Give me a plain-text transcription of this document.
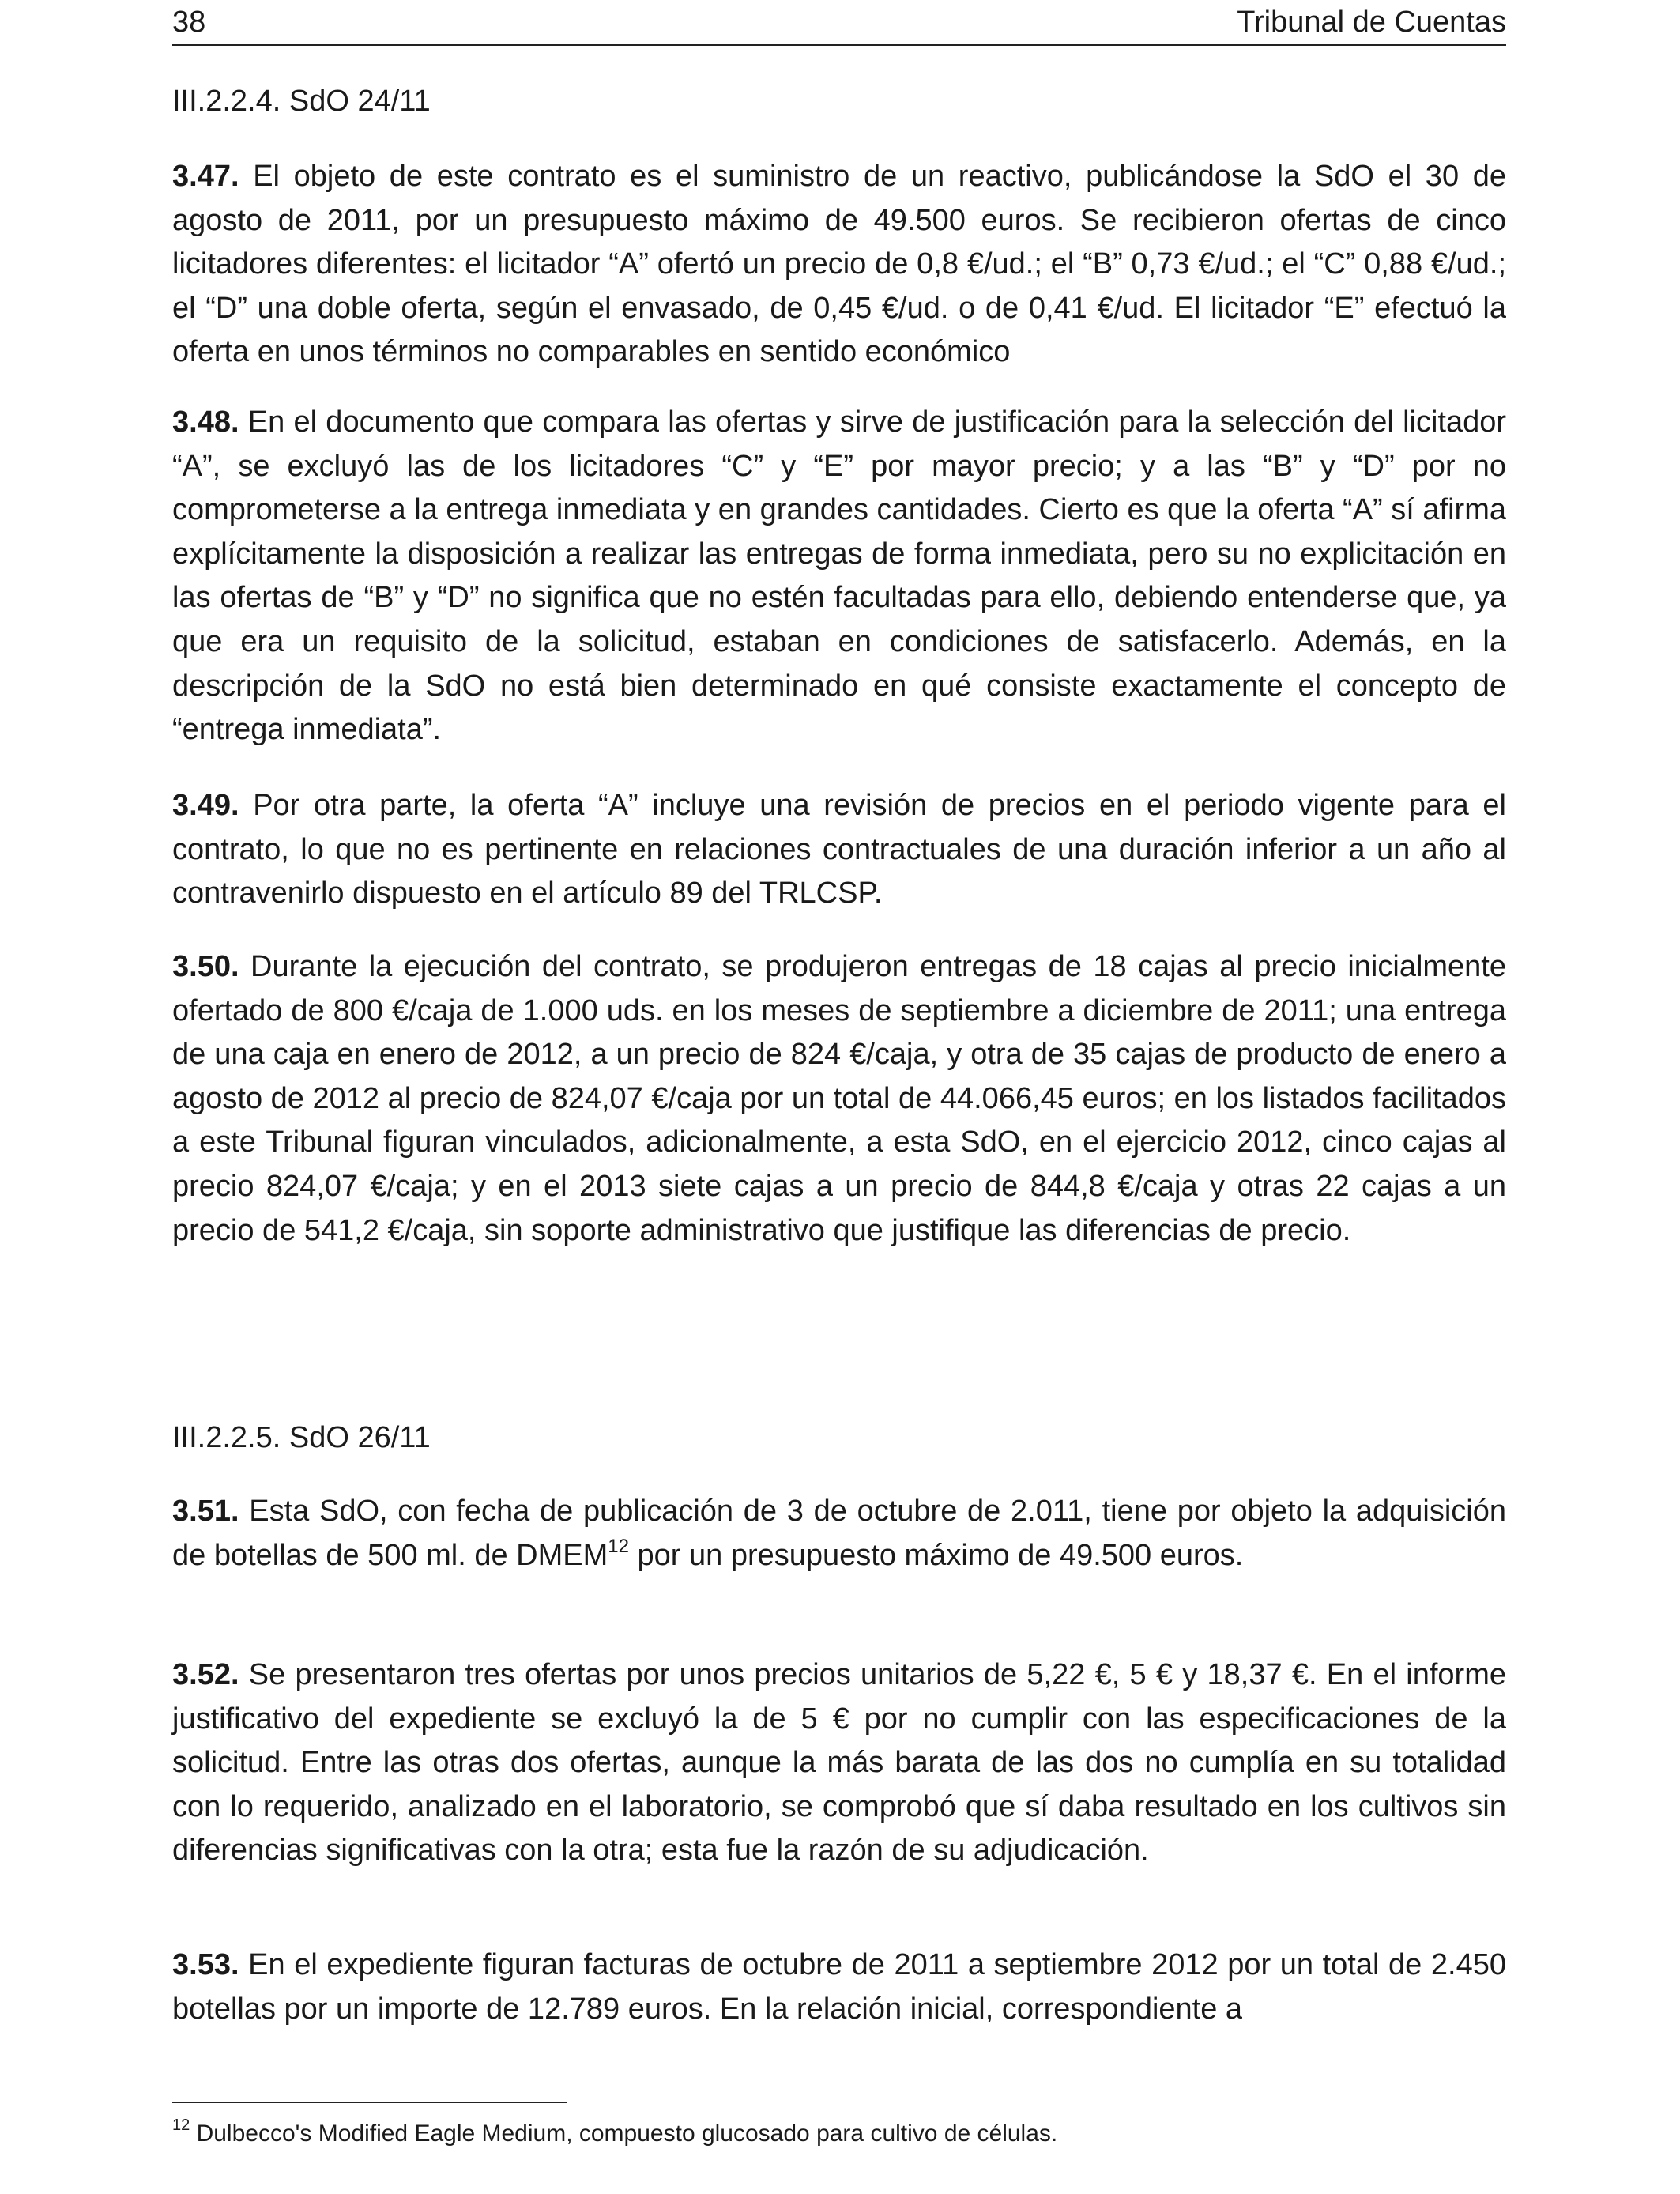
38	Tribunal de Cuentas
III.2.2.4. SdO 24/11

3.47. El objeto de este contrato es el suministro de un reactivo, publicándose la SdO el 30 de agosto de 2011, por un presupuesto máximo de 49.500 euros. Se recibieron ofertas de cinco licitadores diferentes: el licitador “A” ofertó un precio de 0,8 €/ud.; el “B” 0,73 €/ud.; el “C” 0,88 €/ud.; el “D” una doble oferta, según el envasado, de 0,45 €/ud. o de 0,41 €/ud. El licitador “E” efectuó la oferta en unos términos no comparables en sentido económico

3.48. En el documento que compara las ofertas y sirve de justificación para la selección del licitador “A”, se excluyó las de los licitadores “C” y “E” por mayor precio; y a las “B” y “D” por no comprometerse a la entrega inmediata y en grandes cantidades. Cierto es que la oferta “A” sí afirma explícitamente la disposición a realizar las entregas de forma inmediata, pero su no explicitación en las ofertas de “B” y “D” no significa que no estén facultadas para ello, debiendo entenderse que, ya que era un requisito de la solicitud, estaban en condiciones de satisfacerlo. Además, en la descripción de la SdO no está bien determinado en qué consiste exactamente el concepto de “entrega inmediata”.

3.49. Por otra parte, la oferta “A” incluye una revisión de precios en el periodo vigente para el contrato, lo que no es pertinente en relaciones contractuales de una duración inferior a un año al contravenirlo dispuesto en el artículo 89 del TRLCSP.

3.50. Durante la ejecución del contrato, se produjeron entregas de 18 cajas al precio inicialmente ofertado de 800 €/caja de 1.000 uds. en los meses de septiembre a diciembre de 2011; una entrega de una caja en enero de 2012, a un precio de 824 €/caja, y otra de 35 cajas de producto de enero a agosto de 2012 al precio de 824,07 €/caja por un total de 44.066,45 euros; en los listados facilitados a este Tribunal figuran vinculados, adicionalmente, a esta SdO, en el ejercicio 2012, cinco cajas al precio 824,07 €/caja; y en el 2013 siete cajas a un precio de 844,8 €/caja y otras 22 cajas a un precio de 541,2 €/caja, sin soporte administrativo que justifique las diferencias de precio.

III.2.2.5. SdO 26/11

3.51. Esta SdO, con fecha de publicación de 3 de octubre de 2.011, tiene por objeto la adquisición de botellas de 500 ml. de DMEM$^{12}$ por un presupuesto máximo de 49.500 euros.

3.52. Se presentaron tres ofertas por unos precios unitarios de 5,22 €, 5 € y 18,37 €. En el informe justificativo del expediente se excluyó la de 5 € por no cumplir con las especificaciones de la solicitud. Entre las otras dos ofertas, aunque la más barata de las dos no cumplía en su totalidad con lo requerido, analizado en el laboratorio, se comprobó que sí daba resultado en los cultivos sin diferencias significativas con la otra; esta fue la razón de su adjudicación.

3.53. En el expediente figuran facturas de octubre de 2011 a septiembre 2012 por un total de 2.450 botellas por un importe de 12.789 euros. En la relación inicial, correspondiente a

$^{12}$ Dulbecco's Modified Eagle Medium, compuesto glucosado para cultivo de células.
